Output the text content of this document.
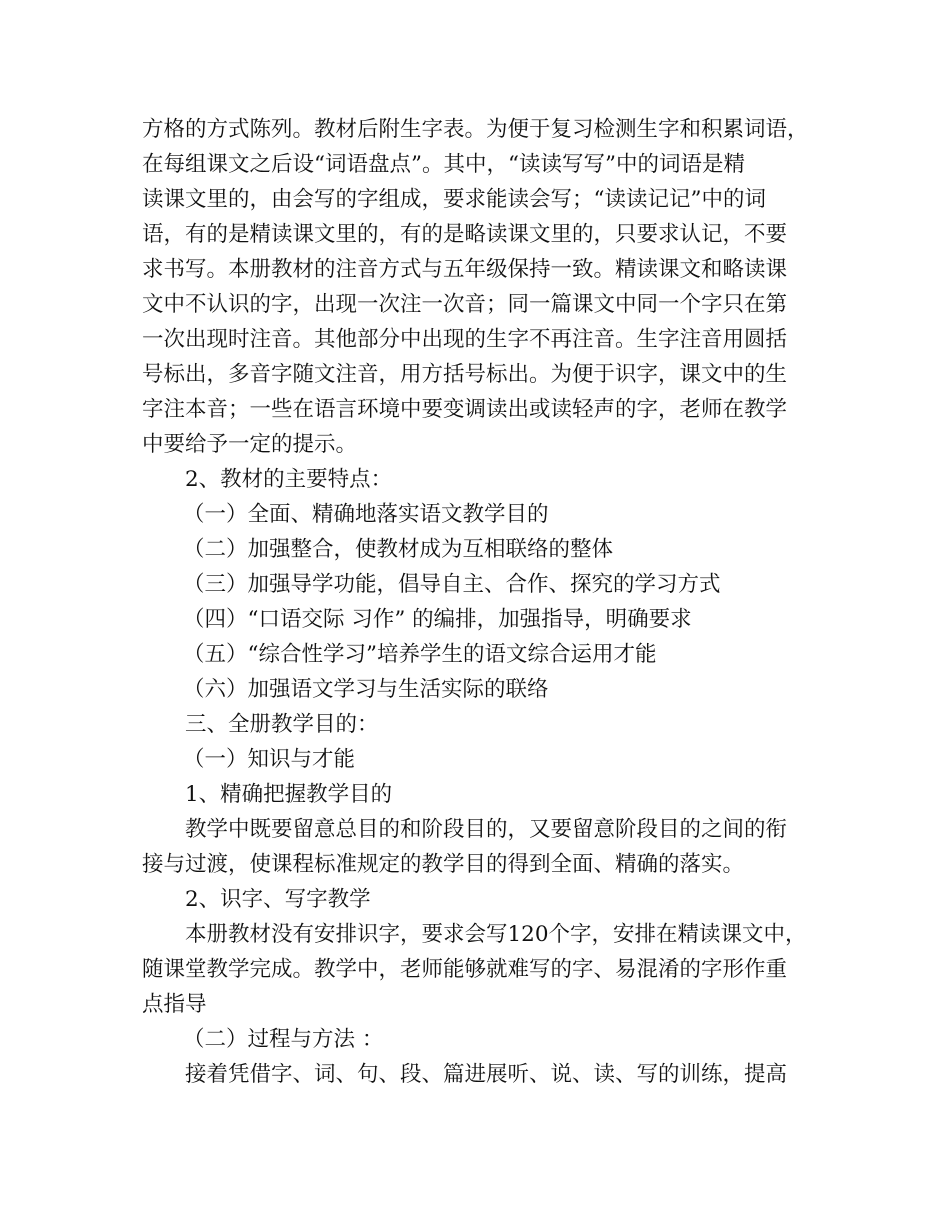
方格的方式陈列。教材后附生字表。为便于复习检测生字和积累词语，
在每组课文之后设“词语盘点”。其中，“读读写写”中的词语是精
读课文里的，由会写的字组成，要求能读会写；“读读记记”中的词
语，有的是精读课文里的，有的是略读课文里的，只要求认记，不要
求书写。本册教材的注音方式与五年级保持一致。精读课文和略读课
文中不认识的字，出现一次注一次音；同一篇课文中同一个字只在第
一次出现时注音。其他部分中出现的生字不再注音。生字注音用圆括
号标出，多音字随文注音，用方括号标出。为便于识字，课文中的生
字注本音；一些在语言环境中要变调读出或读轻声的字，老师在教学
中要给予一定的提示。
2、教材的主要特点：
（一）全面、精确地落实语文教学目的
（二）加强整合，使教材成为互相联络的整体
（三）加强导学功能，倡导自主、合作、探究的学习方式
（四）“口语交际 习作” 的编排，加强指导，明确要求
（五）“综合性学习”培养学生的语文综合运用才能
（六）加强语文学习与生活实际的联络
三、全册教学目的：
（一）知识与才能
1、精确把握教学目的
教学中既要留意总目的和阶段目的，又要留意阶段目的之间的衔
接与过渡，使课程标准规定的教学目的得到全面、精确的落实。
2、识字、写字教学
本册教材没有安排识字，要求会写120个字，安排在精读课文中，
随课堂教学完成。教学中，老师能够就难写的字、易混淆的字形作重
点指导
（二）过程与方法 ：
接着凭借字、词、句、段、篇进展听、说、读、写的训练，提高
